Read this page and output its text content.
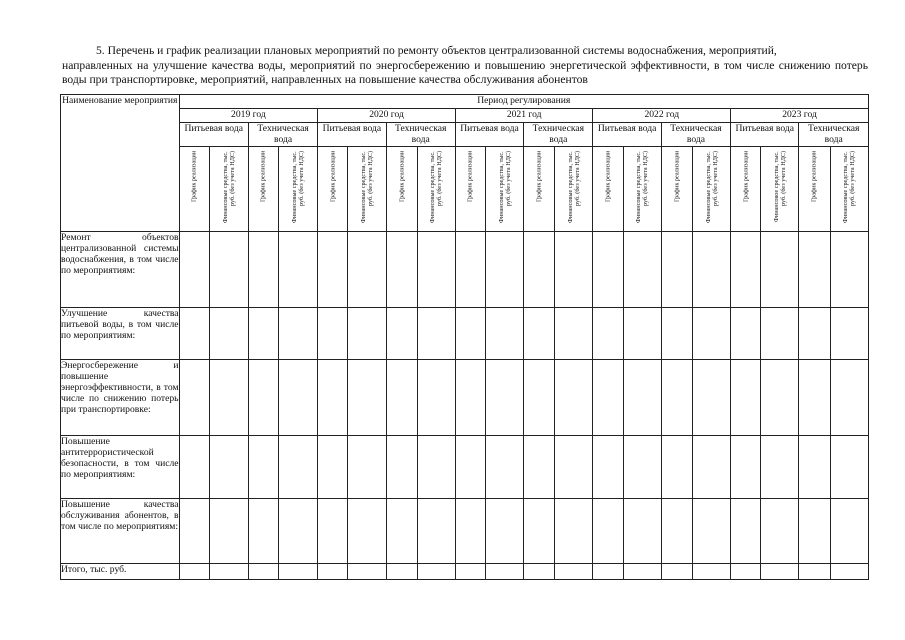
5. Перечень и график реализации плановых мероприятий по ремонту объектов централизованной системы водоснабжения, мероприятий,
направленных на улучшение качества воды, мероприятий по энергосбережению и повышению энергетической эффективности, в том числе снижению потерь воды при транспортировке, мероприятий, направленных на повышение качества обслуживания абонентов
Наименование мероприятия	Период регулирования																			
	2019 год				2020 год				2021 год				2022 год				2023 год			
	Питьевая вода		Техническая вода		Питьевая вода		Техническая вода		Питьевая вода		Техническая вода		Питьевая вода		Техническая вода		Питьевая вода		Техническая вода	

	График реализации	Финансовые средства, тыс. руб. (без учета НДС)	График реализации	Финансовые средства, тыс. руб. (без учета НДС)	График реализации	Финансовые средства, тыс. руб. (без учета НДС)	График реализации	Финансовые средства, тыс. руб. (без учета НДС)	График реализации	Финансовые средства, тыс. руб. (без учета НДС)	График реализации	Финансовые средства, тыс. руб. (без учета НДС)	График реализации	Финансовые средства, тыс. руб. (без учета НДС)	График реализации	Финансовые средства, тыс. руб. (без учета НДС)	График реализации	Финансовое средства, тыс. руб. (без учета НДС)	График реализации	Финансовые средства, тыс. руб. (без учета НДС)

Ремонт объектов централизованной системы водоснабжения, в том числе по мероприятиям:																				
Улучшение качества питьевой воды, в том числе по мероприятиям:																				
Энергосбережение и повышение энергоэффективности, в том числе по снижению потерь при транспортировке:																				
Повышение антитеррористической безопасности, в том числе по мероприятиям:																				
Повышение качества обслуживания абонентов, в том числе по мероприятиям:																				
Итого, тыс. руб.																				
